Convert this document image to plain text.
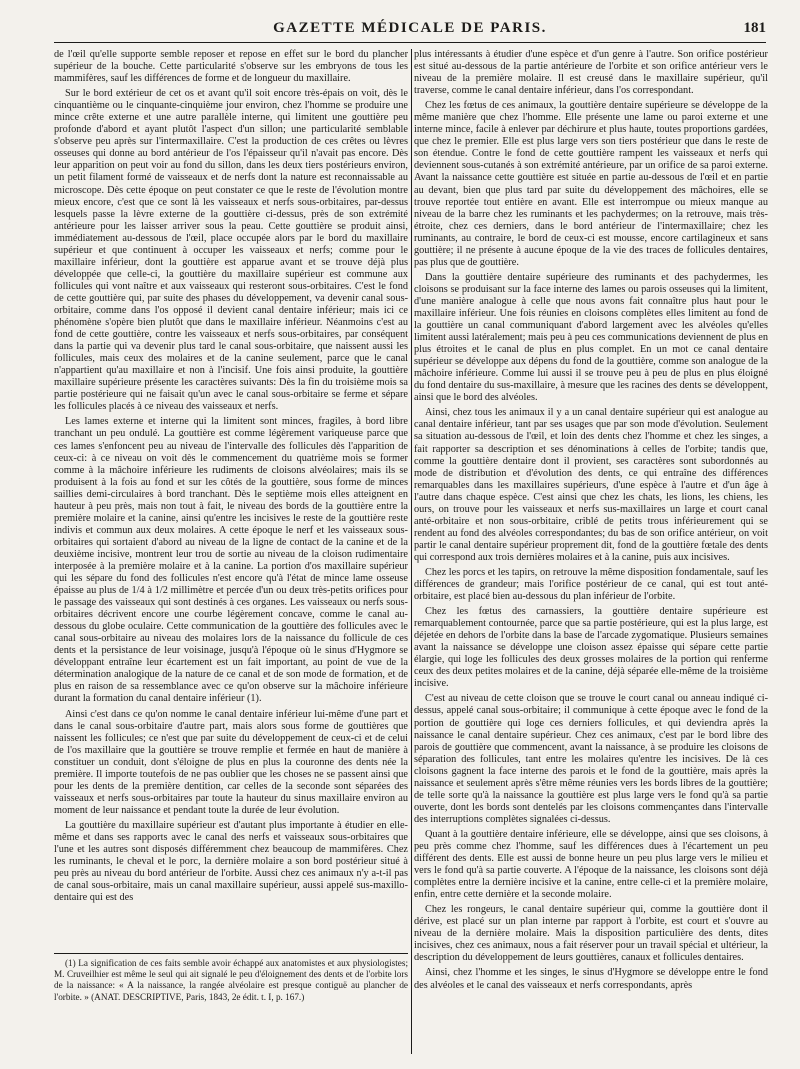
GAZETTE MÉDICALE DE PARIS.	181

de l'œil qu'elle supporte semble reposer et repose en effet sur le bord du plancher supérieur de la bouche. Cette particularité s'observe sur les embryons de tous les mammifères, sauf les différences de forme et de longueur du maxillaire.

Sur le bord extérieur de cet os et avant qu'il soit encore très-épais on voit, dès le cinquantième ou le cinquante-cinquième jour environ, chez l'homme se produire une mince crête externe et une autre parallèle interne, qui limitent une gouttière peu profonde d'abord et ayant plutôt l'aspect d'un sillon; une particularité semblable s'observe peu après sur l'intermaxillaire. C'est la production de ces crêtes ou lèvres osseuses qui donne au bord antérieur de l'os l'épaisseur qu'il n'avait pas encore. Dès leur apparition on peut voir au fond du sillon, dans les deux tiers postérieurs environ, un petit filament formé de vaisseaux et de nerfs dont la nature est reconnaissable au microscope. Dès cette époque on peut constater ce que le reste de l'évolution montre mieux encore, c'est que ce sont là les vaisseaux et nerfs sous-orbitaires, par-dessus lesquels passe la lèvre externe de la gouttière ci-dessus, près de son extrémité antérieure pour les laisser arriver sous la peau. Cette gouttière se produit ainsi, immédiatement au-dessous de l'œil, place occupée alors par le bord du maxillaire supérieur et que continuent à occuper les vaisseaux et nerfs; comme pour le maxillaire inférieur, dont la gouttière est apparue avant et se trouve déjà plus développée que celle-ci, la gouttière du maxillaire supérieur est commune aux follicules qui vont naître et aux vaisseaux qui resteront sous-orbitaires. C'est le fond de cette gouttière qui, par suite des phases du développement, va devenir canal sous-orbitaire, comme dans l'os opposé il devient canal dentaire inférieur; mais ici ce phénomène s'opère bien plutôt que dans le maxillaire inférieur. Néanmoins c'est au fond de cette gouttière, contre les vaisseaux et nerfs sous-orbitaires, par conséquent dans la partie qui va devenir plus tard le canal sous-orbitaire, que naissent aussi les follicules, mais ceux des molaires et de la canine seulement, parce que le canal n'appartient qu'au maxillaire et non à l'incisif. Une fois ainsi produite, la gouttière maxillaire supérieure présente les caractères suivants: Dès la fin du troisième mois sa partie postérieure qui ne faisait qu'un avec le canal sous-orbitaire se ferme et sépare les follicules placés à ce niveau des vaisseaux et nerfs.

Les lames externe et interne qui la limitent sont minces, fragiles, à bord libre tranchant un peu ondulé. La gouttière est comme légèrement variqueuse parce que ces lames s'enfoncent peu au niveau de l'intervalle des follicules dès l'apparition de ceux-ci: à ce niveau on voit dès le commencement du quatrième mois se former comme à la mâchoire inférieure les rudiments de cloisons alvéolaires; mais ils se produisent à la fois au fond et sur les côtés de la gouttière, sous forme de minces saillies demi-circulaires à bord tranchant. Dès le septième mois elles atteignent en hauteur à peu près, mais non tout à fait, le niveau des bords de la gouttière entre la première molaire et la canine, ainsi qu'entre les incisives le reste de la gouttière reste indivis et commun aux deux molaires. A cette époque le nerf et les vaisseaux sous-orbitaires qui sortaient d'abord au niveau de la ligne de contact de la canine et de la deuxième incisive, montrent leur trou de sortie au niveau de la cloison rudimentaire interposée à la première molaire et à la canine. La portion d'os maxillaire supérieur qui les sépare du fond des follicules n'est encore qu'à l'état de mince lame osseuse épaisse au plus de 1/4 à 1/2 millimètre et percée d'un ou deux très-petits orifices pour le passage des vaisseaux qui sont destinés à ces organes. Les vaisseaux ou nerfs sous-orbitaires décrivent encore une courbe légèrement concave, comme le canal au-dessous du globe oculaire. Cette communication de la gouttière des follicules avec le canal sous-orbitaire au niveau des molaires lors de la naissance du follicule de ces dents et la persistance de leur voisinage, jusqu'à l'époque où le sinus d'Hygmore se développant entraîne leur écartement est un fait important, au point de vue de la détermination analogique de la nature de ce canal et de son mode de formation, et de plus en raison de sa ressemblance avec ce qu'on observe sur la mâchoire inférieure durant la formation du canal dentaire inférieur (1).

Ainsi c'est dans ce qu'on nomme le canal dentaire inférieur lui-même d'une part et dans le canal sous-orbitaire d'autre part, mais alors sous forme de gouttières que naissent les follicules; ce n'est que par suite du développement de ceux-ci et de celui de l'os maxillaire que la gouttière se trouve remplie et fermée en haut de manière à constituer un conduit, dont s'éloigne de plus en plus la couronne des dents née la première. Il importe toutefois de ne pas oublier que les choses ne se passent ainsi que pour les dents de la première dentition, car celles de la seconde sont séparées des vaisseaux et nerfs sous-orbitaires par toute la hauteur du sinus maxillaire environ au moment de leur naissance et pendant toute la durée de leur évolution.

La gouttière du maxillaire supérieur est d'autant plus importante à étudier en elle-même et dans ses rapports avec le canal des nerfs et vaisseaux sous-orbitaires que l'une et les autres sont disposés différemment chez beaucoup de mammifères. Chez les ruminants, le cheval et le porc, la dernière molaire a son bord postérieur situé à peu près au niveau du bord antérieur de l'orbite. Aussi chez ces animaux n'y a-t-il pas de canal sous-orbitaire, mais un canal maxillaire supérieur, aussi appelé sus-maxillo-dentaire qui est des

(1) La signification de ces faits semble avoir échappé aux anatomistes et aux physiologistes; M. Cruveilhier est même le seul qui ait signalé le peu d'éloignement des dents et de l'orbite lors de la naissance: « A la naissance, la rangée alvéolaire est presque contiguë au plancher de l'orbite. » (ANAT. DESCRIPTIVE, Paris, 1843, 2e édit. t. I, p. 167.)

plus intéressants à étudier d'une espèce et d'un genre à l'autre. Son orifice postérieur est situé au-dessous de la partie antérieure de l'orbite et son orifice antérieur vers le niveau de la première molaire. Il est creusé dans le maxillaire supérieur, qu'il traverse, comme le canal dentaire inférieur, dans l'os correspondant.

Chez les fœtus de ces animaux, la gouttière dentaire supérieure se développe de la même manière que chez l'homme. Elle présente une lame ou paroi externe et une interne mince, facile à enlever par déchirure et plus haute, toutes proportions gardées, que chez le premier. Elle est plus large vers son tiers postérieur que dans le reste de son étendue. Contre le fond de cette gouttière rampent les vaisseaux et nerfs qui deviennent sous-cutanés à son extrémité antérieure, par un orifice de sa paroi externe. Avant la naissance cette gouttière est située en partie au-dessous de l'œil et en partie au devant, bien que plus tard par suite du développement des mâchoires, elle se trouve reportée tout entière en avant. Elle est interrompue ou mieux manque au niveau de la barre chez les ruminants et les pachydermes; on la retrouve, mais très-étroite, chez ces derniers, dans le bord antérieur de l'intermaxillaire; chez les ruminants, au contraire, le bord de ceux-ci est mousse, encore cartilagineux et sans gouttière; il ne présente à aucune époque de la vie des traces de follicules dentaires, pas plus que de gouttière.

Dans la gouttière dentaire supérieure des ruminants et des pachydermes, les cloisons se produisant sur la face interne des lames ou parois osseuses qui la limitent, d'une manière analogue à celle que nous avons fait connaître plus haut pour le maxillaire inférieur. Une fois réunies en cloisons complètes elles limitent au fond de la gouttière un canal communiquant d'abord largement avec les alvéoles qu'elles limitent aussi latéralement; mais peu à peu ces communications deviennent de plus en plus étroites et le canal de plus en plus complet. En un mot ce canal dentaire supérieur se développe aux dépens du fond de la gouttière, comme son analogue de la mâchoire inférieure. Comme lui aussi il se trouve peu à peu de plus en plus éloigné du fond dentaire du sus-maxillaire, à mesure que les racines des dents se développent, ainsi que le bord des alvéoles.

Ainsi, chez tous les animaux il y a un canal dentaire supérieur qui est analogue au canal dentaire inférieur, tant par ses usages que par son mode d'évolution. Seulement sa situation au-dessous de l'œil, et loin des dents chez l'homme et chez les singes, a fait rapporter sa description et ses dénominations à celles de l'orbite; tandis que, comme la gouttière dentaire dont il provient, ses caractères sont subordonnés au mode de distribution et d'évolution des dents, ce qui entraîne des différences remarquables dans les maxillaires supérieurs, d'une espèce à l'autre et d'un âge à l'autre dans chaque espèce. C'est ainsi que chez les chats, les lions, les chiens, les ours, on trouve pour les vaisseaux et nerfs sus-maxillaires un large et court canal anté-orbitaire et non sous-orbitaire, criblé de petits trous inférieurement qui se rendent au fond des alvéoles correspondantes; du bas de son orifice antérieur, on voit partir le canal dentaire supérieur proprement dit, fond de la gouttière fœtale des dents qui correspond aux trois dernières molaires et à la canine, puis aux incisives.

Chez les porcs et les tapirs, on retrouve la même disposition fondamentale, sauf les différences de grandeur; mais l'orifice postérieur de ce canal, qui est tout anté-orbitaire, est placé bien au-dessous du plan inférieur de l'orbite.

Chez les fœtus des carnassiers, la gouttière dentaire supérieure est remarquablement contournée, parce que sa partie postérieure, qui est la plus large, est déjetée en dehors de l'orbite dans la base de l'arcade zygomatique. Plusieurs semaines avant la naissance se développe une cloison assez épaisse qui sépare cette partie élargie, qui loge les follicules des deux grosses molaires de la portion qui renferme ceux des deux petites molaires et de la canine, déjà séparée elle-même de la troisième incisive.

C'est au niveau de cette cloison que se trouve le court canal ou anneau indiqué ci-dessus, appelé canal sous-orbitaire; il communique à cette époque avec le fond de la portion de gouttière qui loge ces derniers follicules, et qui deviendra après la naissance le canal dentaire supérieur. Chez ces animaux, c'est par le bord libre des parois de gouttière que commencent, avant la naissance, à se produire les cloisons de séparation des follicules, tant entre les molaires qu'entre les incisives. De là ces cloisons gagnent la face interne des parois et le fond de la gouttière, mais après la naissance et seulement après s'être même réunies vers les bords libres de la gouttière; de telle sorte qu'à la naissance la gouttière est plus large vers le fond qu'à sa partie ouverte, dont les bords sont dentelés par les cloisons commençantes dans l'intervalle des interruptions complètes signalées ci-dessus.

Quant à la gouttière dentaire inférieure, elle se développe, ainsi que ses cloisons, à peu près comme chez l'homme, sauf les différences dues à l'écartement un peu différent des dents. Elle est aussi de bonne heure un peu plus large vers le milieu et vers le fond qu'à sa partie couverte. A l'époque de la naissance, les cloisons sont déjà complètes entre la dernière incisive et la canine, entre celle-ci et la première molaire, enfin, entre cette dernière et la seconde molaire.

Chez les rongeurs, le canal dentaire supérieur qui, comme la gouttière dont il dérive, est placé sur un plan interne par rapport à l'orbite, est court et s'ouvre au niveau de la dernière molaire. Mais la disposition particulière des dents, dites incisives, chez ces animaux, nous a fait réserver pour un travail spécial et ultérieur, la description du développement de leurs gouttières, canaux et follicules dentaires.

Ainsi, chez l'homme et les singes, le sinus d'Hygmore se développe entre le fond des alvéoles et le canal des vaisseaux et nerfs correspondants, après
